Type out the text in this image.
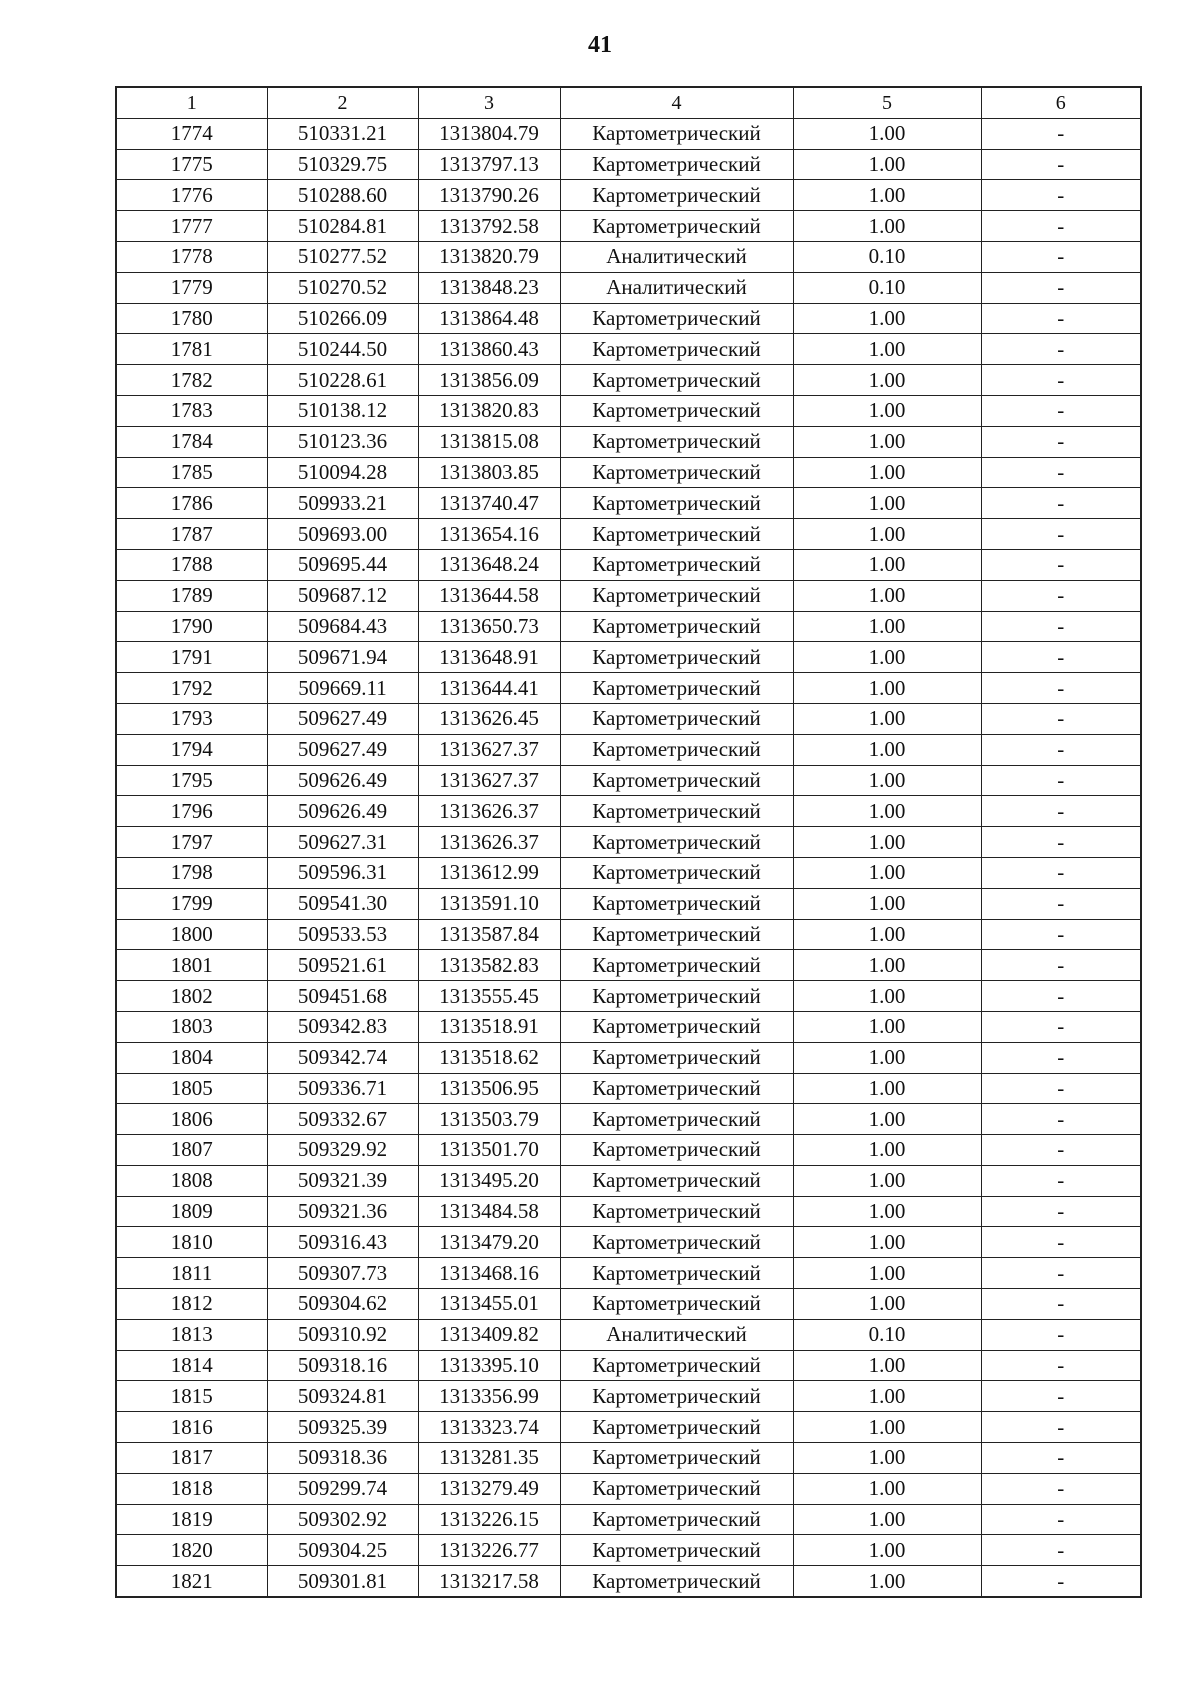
41
1	2	3	4	5	6
1774	510331.21	1313804.79	Картометрический	1.00	-
1775	510329.75	1313797.13	Картометрический	1.00	-
1776	510288.60	1313790.26	Картометрический	1.00	-
1777	510284.81	1313792.58	Картометрический	1.00	-
1778	510277.52	1313820.79	Аналитический	0.10	-
1779	510270.52	1313848.23	Аналитический	0.10	-
1780	510266.09	1313864.48	Картометрический	1.00	-
1781	510244.50	1313860.43	Картометрический	1.00	-
1782	510228.61	1313856.09	Картометрический	1.00	-
1783	510138.12	1313820.83	Картометрический	1.00	-
1784	510123.36	1313815.08	Картометрический	1.00	-
1785	510094.28	1313803.85	Картометрический	1.00	-
1786	509933.21	1313740.47	Картометрический	1.00	-
1787	509693.00	1313654.16	Картометрический	1.00	-
1788	509695.44	1313648.24	Картометрический	1.00	-
1789	509687.12	1313644.58	Картометрический	1.00	-
1790	509684.43	1313650.73	Картометрический	1.00	-
1791	509671.94	1313648.91	Картометрический	1.00	-
1792	509669.11	1313644.41	Картометрический	1.00	-
1793	509627.49	1313626.45	Картометрический	1.00	-
1794	509627.49	1313627.37	Картометрический	1.00	-
1795	509626.49	1313627.37	Картометрический	1.00	-
1796	509626.49	1313626.37	Картометрический	1.00	-
1797	509627.31	1313626.37	Картометрический	1.00	-
1798	509596.31	1313612.99	Картометрический	1.00	-
1799	509541.30	1313591.10	Картометрический	1.00	-
1800	509533.53	1313587.84	Картометрический	1.00	-
1801	509521.61	1313582.83	Картометрический	1.00	-
1802	509451.68	1313555.45	Картометрический	1.00	-
1803	509342.83	1313518.91	Картометрический	1.00	-
1804	509342.74	1313518.62	Картометрический	1.00	-
1805	509336.71	1313506.95	Картометрический	1.00	-
1806	509332.67	1313503.79	Картометрический	1.00	-
1807	509329.92	1313501.70	Картометрический	1.00	-
1808	509321.39	1313495.20	Картометрический	1.00	-
1809	509321.36	1313484.58	Картометрический	1.00	-
1810	509316.43	1313479.20	Картометрический	1.00	-
1811	509307.73	1313468.16	Картометрический	1.00	-
1812	509304.62	1313455.01	Картометрический	1.00	-
1813	509310.92	1313409.82	Аналитический	0.10	-
1814	509318.16	1313395.10	Картометрический	1.00	-
1815	509324.81	1313356.99	Картометрический	1.00	-
1816	509325.39	1313323.74	Картометрический	1.00	-
1817	509318.36	1313281.35	Картометрический	1.00	-
1818	509299.74	1313279.49	Картометрический	1.00	-
1819	509302.92	1313226.15	Картометрический	1.00	-
1820	509304.25	1313226.77	Картометрический	1.00	-
1821	509301.81	1313217.58	Картометрический	1.00	-
